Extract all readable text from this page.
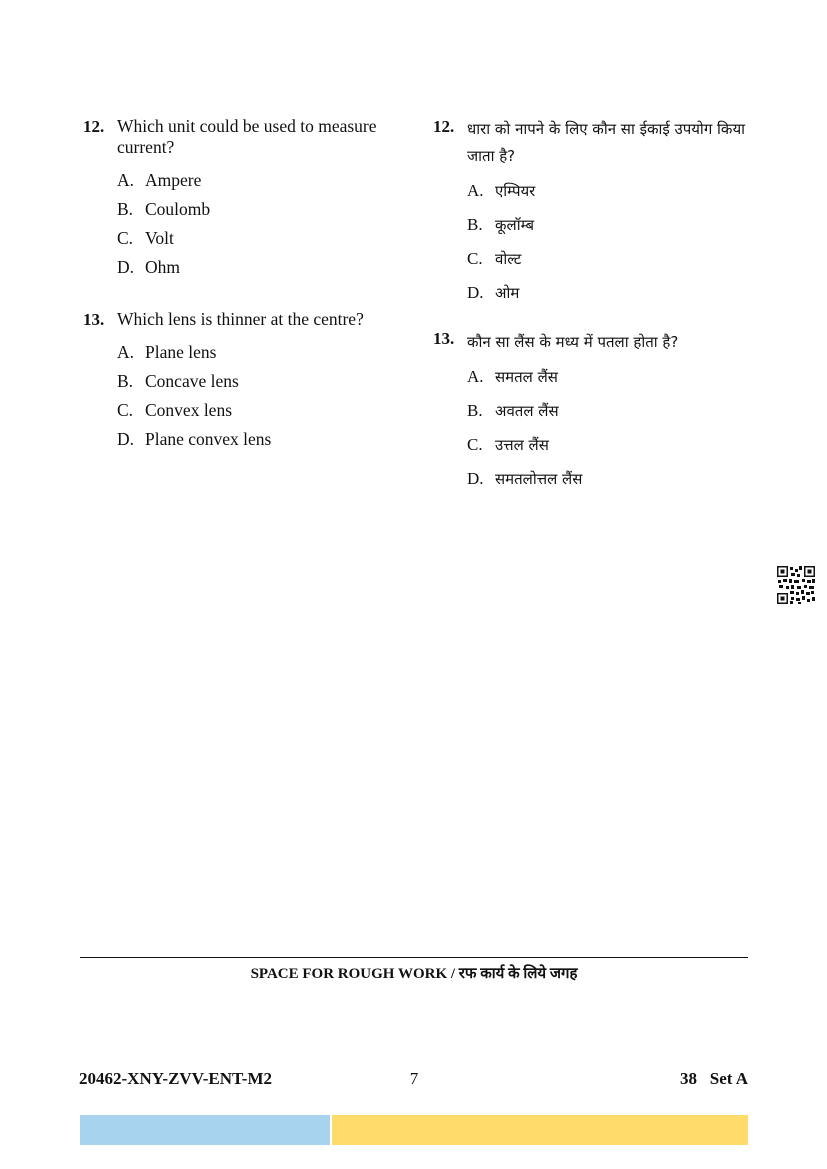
12. Which unit could be used to measure current?
A. Ampere
B. Coulomb
C. Volt
D. Ohm
13. Which lens is thinner at the centre?
A. Plane lens
B. Concave lens
C. Convex lens
D. Plane convex lens
12. धारा को नापने के लिए कौन सा ईकाई उपयोग किया जाता है?
A. एम्पियर
B. कूलॉम्ब
C. वोल्ट
D. ओम
13. कौन सा लैंस के मध्य में पतला होता है?
A. समतल लैंस
B. अवतल लैंस
C. उत्तल लैंस
D. समतलोत्तल लैंस
SPACE FOR ROUGH WORK / रफ कार्य के लिये जगह
20462-XNY-ZVV-ENT-M2	7	38   Set A
